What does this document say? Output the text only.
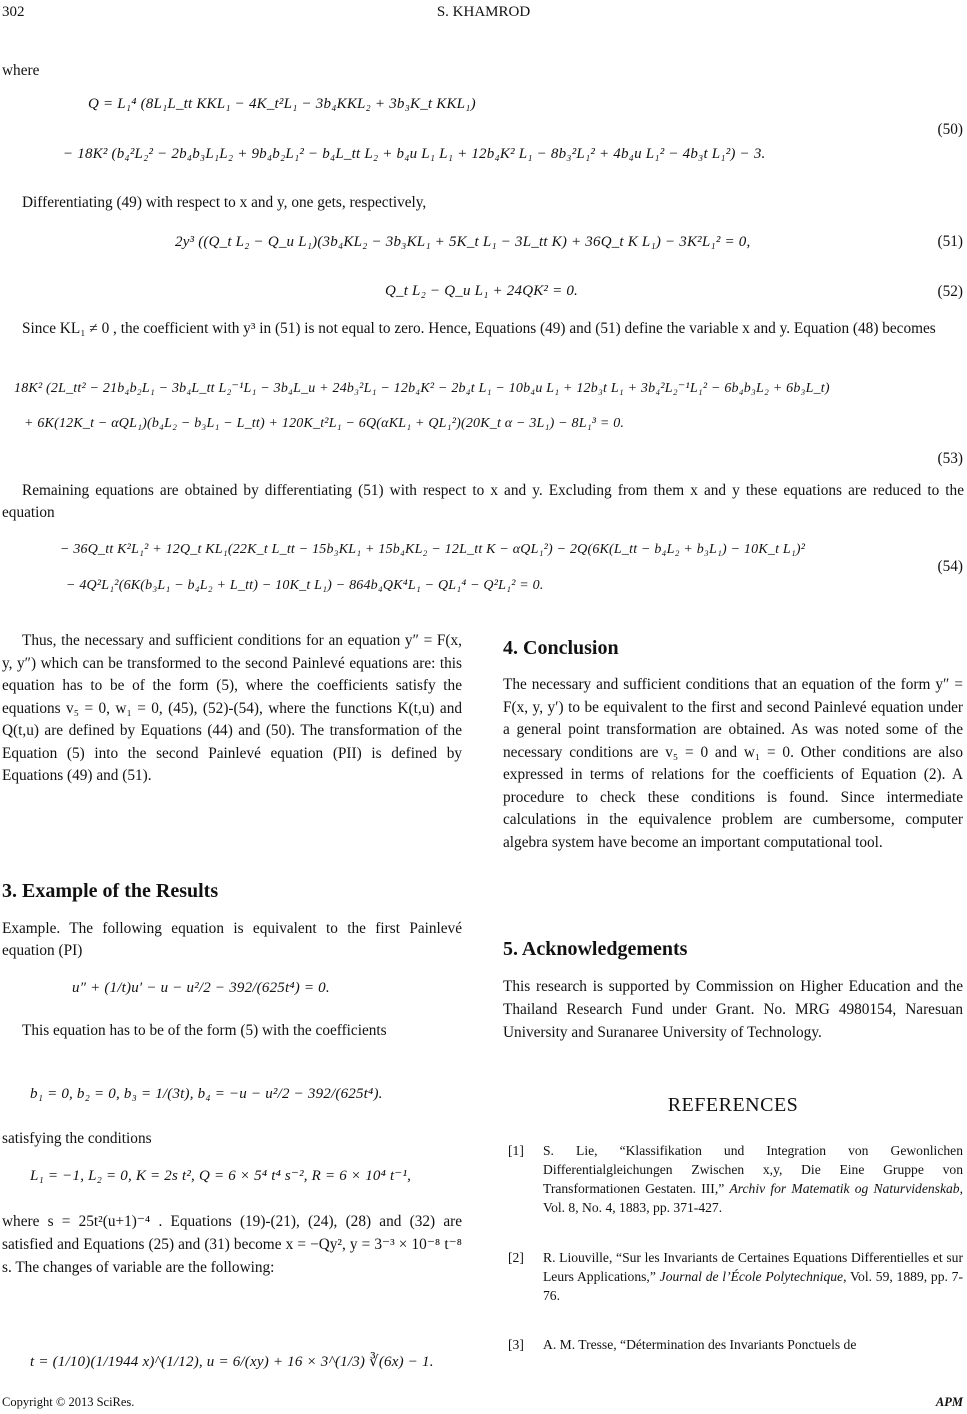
302	S. KHAMROD
where
Q = L₁⁴ (8L₁L_tt KKL₁ − 4K_t²L₁ − 3b₄KKL₂ + 3b₃K_t KKL₁)
− 18K² (b₄²L₂² − 2b₄b₃L₁L₂ + 9b₄b₂L₁² − b₄L_tt L₂ + b₄u L₁ L₁ + 12b₄K² L₁ − 8b₃²L₁² + 4b₄u L₁² − 4b₃t L₁²) − 3.
(50)
Differentiating (49) with respect to x and y, one gets, respectively,
2y³ ((Q_t L₂ − Q_u L₁)(3b₄KL₂ − 3b₃KL₁ + 5K_t L₁ − 3L_tt K) + 36Q_t K L₁) − 3K²L₁² = 0,	(51)
Q_t L₂ − Q_u L₁ + 24QK² = 0.	(52)
Since KL₁ ≠ 0 , the coefficient with y³ in (51) is not equal to zero. Hence, Equations (49) and (51) define the variable x and y. Equation (48) becomes
18K² (2L_tt² − 21b₄b₂L₁ − 3b₄L_tt L₂⁻¹L₁ − 3b₄L_u + 24b₃²L₁ − 12b₄K² − 2b₄t L₁ − 10b₄u L₁ + 12b₃t L₁ + 3b₄²L₂⁻¹L₁² − 6b₄b₃L₂ + 6b₃L_t)
+ 6K(12K_t − αQL₁)(b₄L₂ − b₃L₁ − L_tt) + 120K_t²L₁ − 6Q(αKL₁ + QL₁²)(20K_t α − 3L₁) − 8L₁³ = 0.
(53)
Remaining equations are obtained by differentiating (51) with respect to x and y. Excluding from them x and y these equations are reduced to the equation
− 36Q_tt K²L₁² + 12Q_t KL₁(22K_t L_tt − 15b₃KL₁ + 15b₄KL₂ − 12L_tt K − αQL₁²) − 2Q(6K(L_tt − b₄L₂ + b₃L₁) − 10K_t L₁)²
− 4Q²L₁²(6K(b₃L₁ − b₄L₂ + L_tt) − 10K_t L₁) − 864b₄QK⁴L₁ − QL₁⁴ − Q²L₁² = 0.
(54)
Thus, the necessary and sufficient conditions for an equation y″ = F(x, y, y″) which can be transformed to the second Painlevé equations are: this equation has to be of the form (5), where the coefficients satisfy the equations v₅ = 0, w₁ = 0, (45), (52)-(54), where the functions K(t,u) and Q(t,u) are defined by Equations (44) and (50). The transformation of the Equation (5) into the second Painlevé equation (PII) is defined by Equations (49) and (51).
3. Example of the Results
Example. The following equation is equivalent to the first Painlevé equation (PI)
u″ + (1/t)u′ − u − u²/2 − 392/(625t⁴) = 0.
This equation has to be of the form (5) with the coefficients
b₁ = 0, b₂ = 0, b₃ = 1/(3t), b₄ = −u − u²/2 − 392/(625t⁴).
satisfying the conditions
L₁ = −1, L₂ = 0, K = 2s t², Q = 6 × 5⁴ t⁴ s⁻², R = 6 × 10⁴ t⁻¹,
where s = 25t²(u+1)⁻⁴ . Equations (19)-(21), (24), (28) and (32) are satisfied and Equations (25) and (31) become x = −Qy², y = 3⁻³ × 10⁻⁸ t⁻⁸ s. The changes of variable are the following:
t = (1/10)(1/1944 x)^(1/12), u = 6/(xy) + 16 × 3^(1/3) ∛(6x) − 1.
4. Conclusion
The necessary and sufficient conditions that an equation of the form y″ = F(x, y, y′) to be equivalent to the first and second Painlevé equation under a general point transformation are obtained. As was noted some of the necessary conditions are v₅ = 0 and w₁ = 0. Other conditions are also expressed in terms of relations for the coefficients of Equation (2). A procedure to check these conditions is found. Since intermediate calculations in the equivalence problem are cumbersome, computer algebra system have become an important computational tool.
5. Acknowledgements
This research is supported by Commission on Higher Education and the Thailand Research Fund under Grant. No. MRG 4980154, Naresuan University and Suranaree University of Technology.
REFERENCES
[1] S. Lie, “Klassifikation und Integration von Gewonlichen Differentialgleichungen Zwischen x,y, Die Eine Gruppe von Transformationen Gestaten. III,” Archiv for Matematik og Naturvidenskab, Vol. 8, No. 4, 1883, pp. 371-427.
[2] R. Liouville, “Sur les Invariants de Certaines Equations Differentielles et sur Leurs Applications,” Journal de l’École Polytechnique, Vol. 59, 1889, pp. 7-76.
[3] A. M. Tresse, “Détermination des Invariants Ponctuels de
Copyright © 2013 SciRes.	APM
